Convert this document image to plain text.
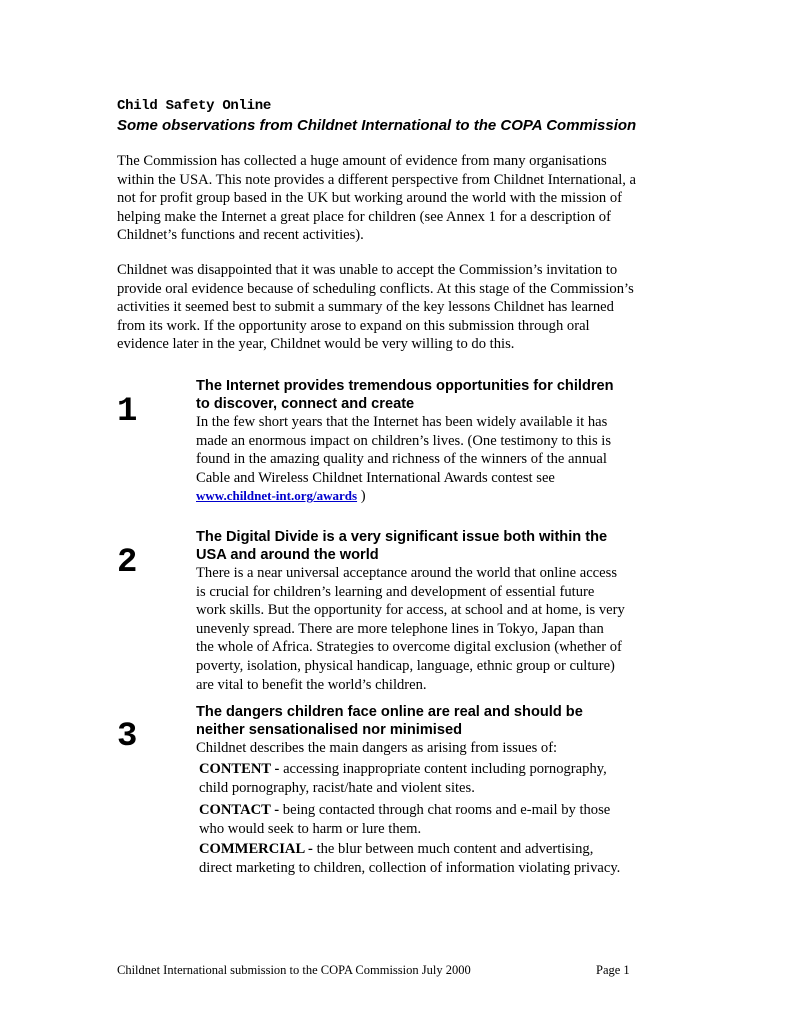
Child Safety Online
Some observations from Childnet International to the COPA Commission
The Commission has collected a huge amount of evidence from many organisations
within the USA. This note provides a different perspective from Childnet International, a
not for profit group based in the UK but working around the world with the mission of
helping make the Internet a great place for children (see Annex 1 for a description of
Childnet’s functions and recent activities).
Childnet was disappointed that it was unable to accept the Commission’s invitation to
provide oral evidence because of scheduling conflicts. At this stage of the Commission’s
activities it seemed best to submit a summary of the key lessons Childnet has learned
from its work. If the opportunity arose to expand on this submission through oral
evidence later in the year, Childnet would be very willing to do this.
1
The Internet provides tremendous opportunities for children
to discover, connect and create
In the few short years that the Internet has been widely available it has
made an enormous impact on children’s lives. (One testimony to this is
found in the amazing quality and richness of the winners of the annual
Cable and Wireless Childnet International Awards contest see
www.childnet-int.org/awards )
2
The Digital Divide is a very significant issue both within the
USA and around the world
There is a near universal acceptance around the world that online access
is crucial for children’s learning and development of essential future
work skills. But the opportunity for access, at school and at home, is very
unevenly spread. There are more telephone lines in Tokyo, Japan than
the whole of Africa. Strategies to overcome digital exclusion (whether of
poverty, isolation, physical handicap, language, ethnic group or culture)
are vital to benefit the world’s children.
3
The dangers children face online are real and should be
neither sensationalised nor minimised
Childnet describes the main dangers as arising from issues of:
CONTENT - accessing inappropriate content including pornography,
child pornography, racist/hate and violent sites.
CONTACT - being contacted through chat rooms and e-mail by those
who would seek to harm or lure them.
COMMERCIAL - the blur between much content and advertising,
direct marketing to children, collection of information violating privacy.
Childnet International submission to the COPA Commission July 2000	Page 1
